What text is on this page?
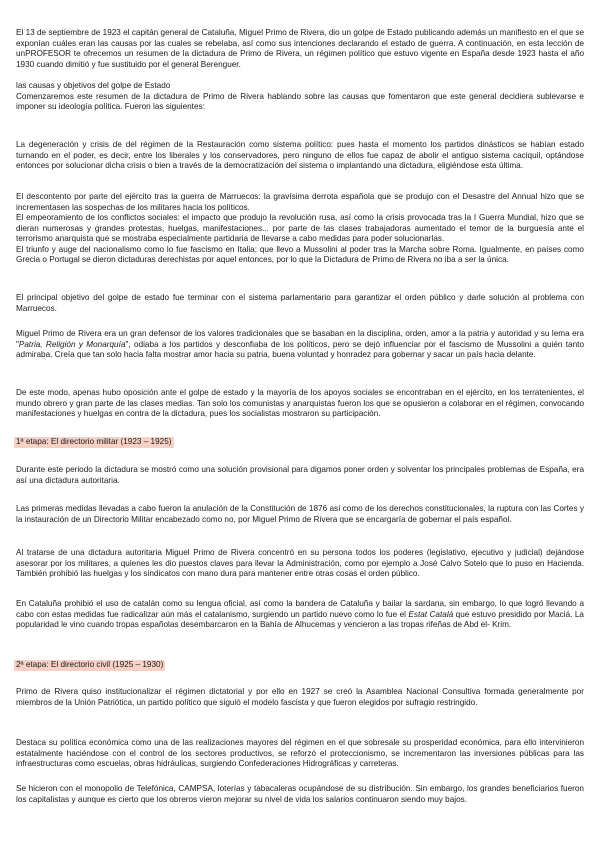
El 13 de septiembre de 1923 el capitán general de Cataluña, Miguel Primo de Rivera, dio un golpe de Estado publicando además un manifiesto en el que se exponían cuáles eran las causas por las cuales se rebelaba, así como sus intenciones declarando el estado de guerra. A continuación, en esta lección de unPROFESOR te ofrecemos un resumen de la dictadura de Primo de Rivera, un régimen político que estuvo vigente en España desde 1923 hasta el año 1930 cuando dimitió y fue sustituido por el general Berenguer.

las causas y objetivos del golpe de Estado
Comenzaremos este resumen de la dictadura de Primo de Rivera hablando sobre las causas que fomentaron que este general decidiera sublevarse e imponer su ideología política. Fueron las siguientes:

La degeneración y crisis de del régimen de la Restauración como sistema político: pues hasta el momento los partidos dinásticos se habían estado turnando en el poder, es decir, entre los liberales y los conservadores, pero ninguno de ellos fue capaz de abolir el antiguo sistema caciquil, optándose entonces por solucionar dicha crisis o bien a través de la democratización del sistema o implantando una dictadura, eligiéndose esta última.

El descontento por parte del ejército tras la guerra de Marruecos: la gravísima derrota española que se produjo con el Desastre del Annual hizo que se incrementasen las sospechas de los militares hacia los políticos.
El empeoramiento de los conflictos sociales: el impacto que produjo la revolución rusa, así como la crisis provocada tras la I Guerra Mundial, hizo que se dieran numerosas y grandes protestas, huelgas, manifestaciones... por parte de las clases trabajadoras aumentado el temor de la burguesía ante el terrorismo anarquista que se mostraba especialmente partidaria de llevarse a cabo medidas para poder solucionarlas.
El triunfo y auge del nacionalismo como lo fue fascismo en Italia: que llevo a Mussolini al poder tras la Marcha sobre Roma. Igualmente, en países como Grecia o Portugal se dieron dictaduras derechistas por aquel entonces, por lo que la Dictadura de Primo de Rivera no iba a ser la única.

El principal objetivo del golpe de estado fue terminar con el sistema parlamentario para garantizar el orden público y darle solución al problema con Marruecos.

Miguel Primo de Rivera era un gran defensor de los valores tradicionales que se basaban en la disciplina, orden, amor a la patria y autoridad y su lema era "Patria, Religión y Monarquía", odiaba a los partidos y desconfiaba de los políticos, pero se dejó influenciar por el fascismo de Mussolini a quién tanto admiraba. Creía que tan solo hacia falta mostrar amor hacia su patria, buena voluntad y honradez para gobernar y sacar un país hacia delante.

De este modo, apenas hubo oposición ante el golpe de estado y la mayoría de los apoyos sociales se encontraban en el ejército, en los terratenientes, el mundo obrero y gran parte de las clases medias. Tan solo los comunistas y anarquistas fueron los que se opusieron a colaborar en el régimen, convocando manifestaciones y huelgas en contra de la dictadura, pues los socialistas mostraron su participación.

1ª etapa: El directorio militar (1923 – 1925)

Durante este periodo la dictadura se mostró como una solución provisional para digamos poner orden y solventar los principales problemas de España, era así una dictadura autoritaria.

Las primeras medidas llevadas a cabo fueron la anulación de la Constitución de 1876 así como de los derechos constitucionales, la ruptura con las Cortes y la instauración de un Directorio Militar encabezado como no, por Miguel Primo de Rivera que se encargaría de gobernar el país español.

Al tratarse de una dictadura autoritaria Miguel Primo de Rivera concentró en su persona todos los poderes (legislativo, ejecutivo y judicial) dejándose asesorar por los militares, a quienes les dio puestos claves para llevar la Administración, como por ejemplo a José Calvo Sotelo que lo puso en Hacienda. También prohibió las huelgas y los sindicatos con mano dura para mantener entre otras cosas el orden público.

En Cataluña prohibió el uso de catalán como su lengua oficial, así como la bandera de Cataluña y bailar la sardana, sin embargo, lo que logró llevando a cabo con estas medidas fue radicalizar aún más el catalanismo, surgiendo un partido nuevo como lo fue el Estat Catalá que estuvo presidido por Maciá. La popularidad le vino cuando tropas españolas desembarcaron en la Bahía de Alhucemas y vencieron a las tropas rifeñas de Abd el- Krim.

2ª etapa: El directorio civil (1925 – 1930)

Primo de Rivera quiso institucionalizar el régimen dictatorial y por ello en 1927 se creó la Asamblea Nacional Consultiva formada generalmente por miembros de la Unión Patriótica, un partido político que siguió el modelo fascista y que fueron elegidos por sufragio restringido.

Destaca su política económica como una de las realizaciones mayores del régimen en el que sobresale su prosperidad económica, para ello intervinieron estatalmente haciéndose con el control de los sectores productivos, se reforzó el proteccionismo, se incrementaron las inversiones públicas para las infraestructuras como escuelas, obras hidráulicas, surgiendo Confederaciones Hidrográficas y carreteras.

Se hicieron con el monopolio de Telefónica, CAMPSA, loterías y tabacaleras ocupándose de su distribución. Sin embargo, los grandes beneficiarios fueron los capitalistas y aunque es cierto que los obreros vieron mejorar su nivel de vida los salarios continuaron siendo muy bajos.
